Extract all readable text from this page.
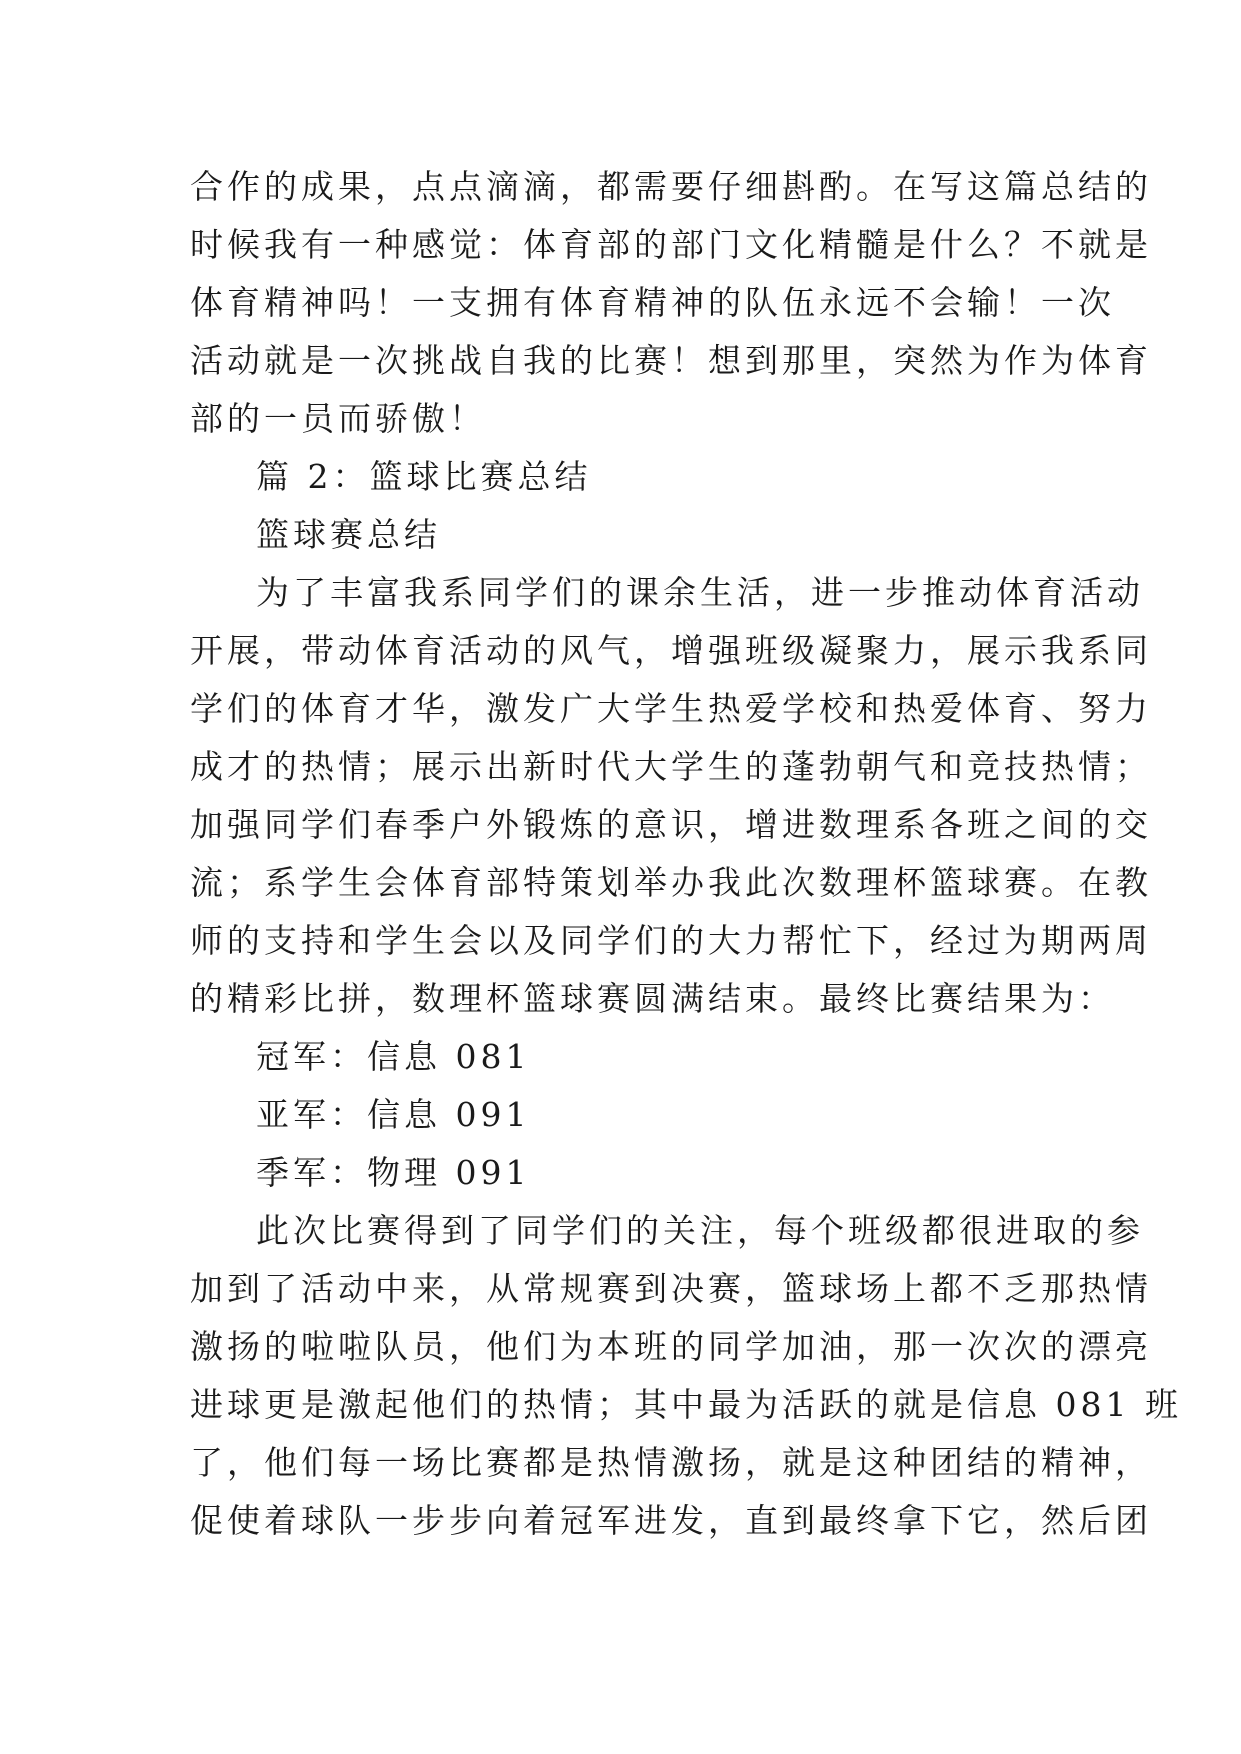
合作的成果，点点滴滴，都需要仔细斟酌。在写这篇总结的
时候我有一种感觉：体育部的部门文化精髓是什么？不就是
体育精神吗！一支拥有体育精神的队伍永远不会输！一次
活动就是一次挑战自我的比赛！想到那里，突然为作为体育
部的一员而骄傲！
篇 2：篮球比赛总结
篮球赛总结
为了丰富我系同学们的课余生活，进一步推动体育活动
开展，带动体育活动的风气，增强班级凝聚力，展示我系同
学们的体育才华，激发广大学生热爱学校和热爱体育、努力
成才的热情；展示出新时代大学生的蓬勃朝气和竞技热情；
加强同学们春季户外锻炼的意识，增进数理系各班之间的交
流；系学生会体育部特策划举办我此次数理杯篮球赛。在教
师的支持和学生会以及同学们的大力帮忙下，经过为期两周
的精彩比拼，数理杯篮球赛圆满结束。最终比赛结果为：
冠军：信息 081
亚军：信息 091
季军：物理 091
此次比赛得到了同学们的关注，每个班级都很进取的参
加到了活动中来，从常规赛到决赛，篮球场上都不乏那热情
激扬的啦啦队员，他们为本班的同学加油，那一次次的漂亮
进球更是激起他们的热情；其中最为活跃的就是信息 081 班
了，他们每一场比赛都是热情激扬，就是这种团结的精神，
促使着球队一步步向着冠军进发，直到最终拿下它，然后团
